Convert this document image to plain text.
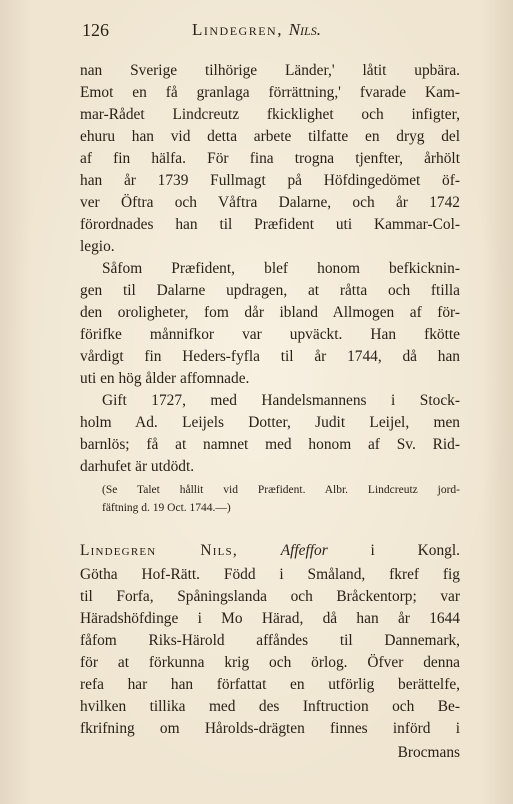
126	Lindegren, Nils.
nan Sverige tilhörige Länder,' låtit upbära.
Emot en få granlaga förrättning,' fvarade Kam-
mar-Rådet Lindcreutz fkicklighet och infigter,
ehuru han vid detta arbete tilfatte en dryg del
af fin hälfa. För fina trogna tjenfter, århölt
han år 1739 Fullmagt på Höfdingedömet öf-
ver Öftra och Våftra Dalarne, och år 1742
förordnades han til Præfident uti Kammar-Col-
legio.
Såfom Præfident, blef honom befkicknin-
gen til Dalarne updragen, at råtta och ftilla
den oroligheter, fom dår ibland Allmogen af för-
förifke månnifkor var upväckt. Han fkötte
vårdigt fin Heders-fyfla til år 1744, då han
uti en hög ålder affomnade.
Gift 1727, med Handelsmannens i Stock-
holm Ad. Leijels Dotter, Judit Leijel, men
barnlös; få at namnet med honom af Sv. Rid-
darhufet är utdödt.
(Se Talet hållit vid Præfident. Albr. Lindcreutz jord-
fäftning d. 19 Oct. 1744.—)
Lindegren Nils,	Affeffor	i Kongl.
Götha Hof-Rätt. Född i Småland, fkref fig
til Forfa, Spåningslanda och Bråckentorp; var
Häradshöfdinge i Mo Härad, då han år 1644
fåfom Riks-Härold affåndes til Dannemark,
för at förkunna krig och örlog. Öfver denna
refa har han författat en utförlig berättelfe,
hvilken tillika med des Inftruction och Be-
fkrifning om Hårolds-drägten finnes införd i
Brocmans
